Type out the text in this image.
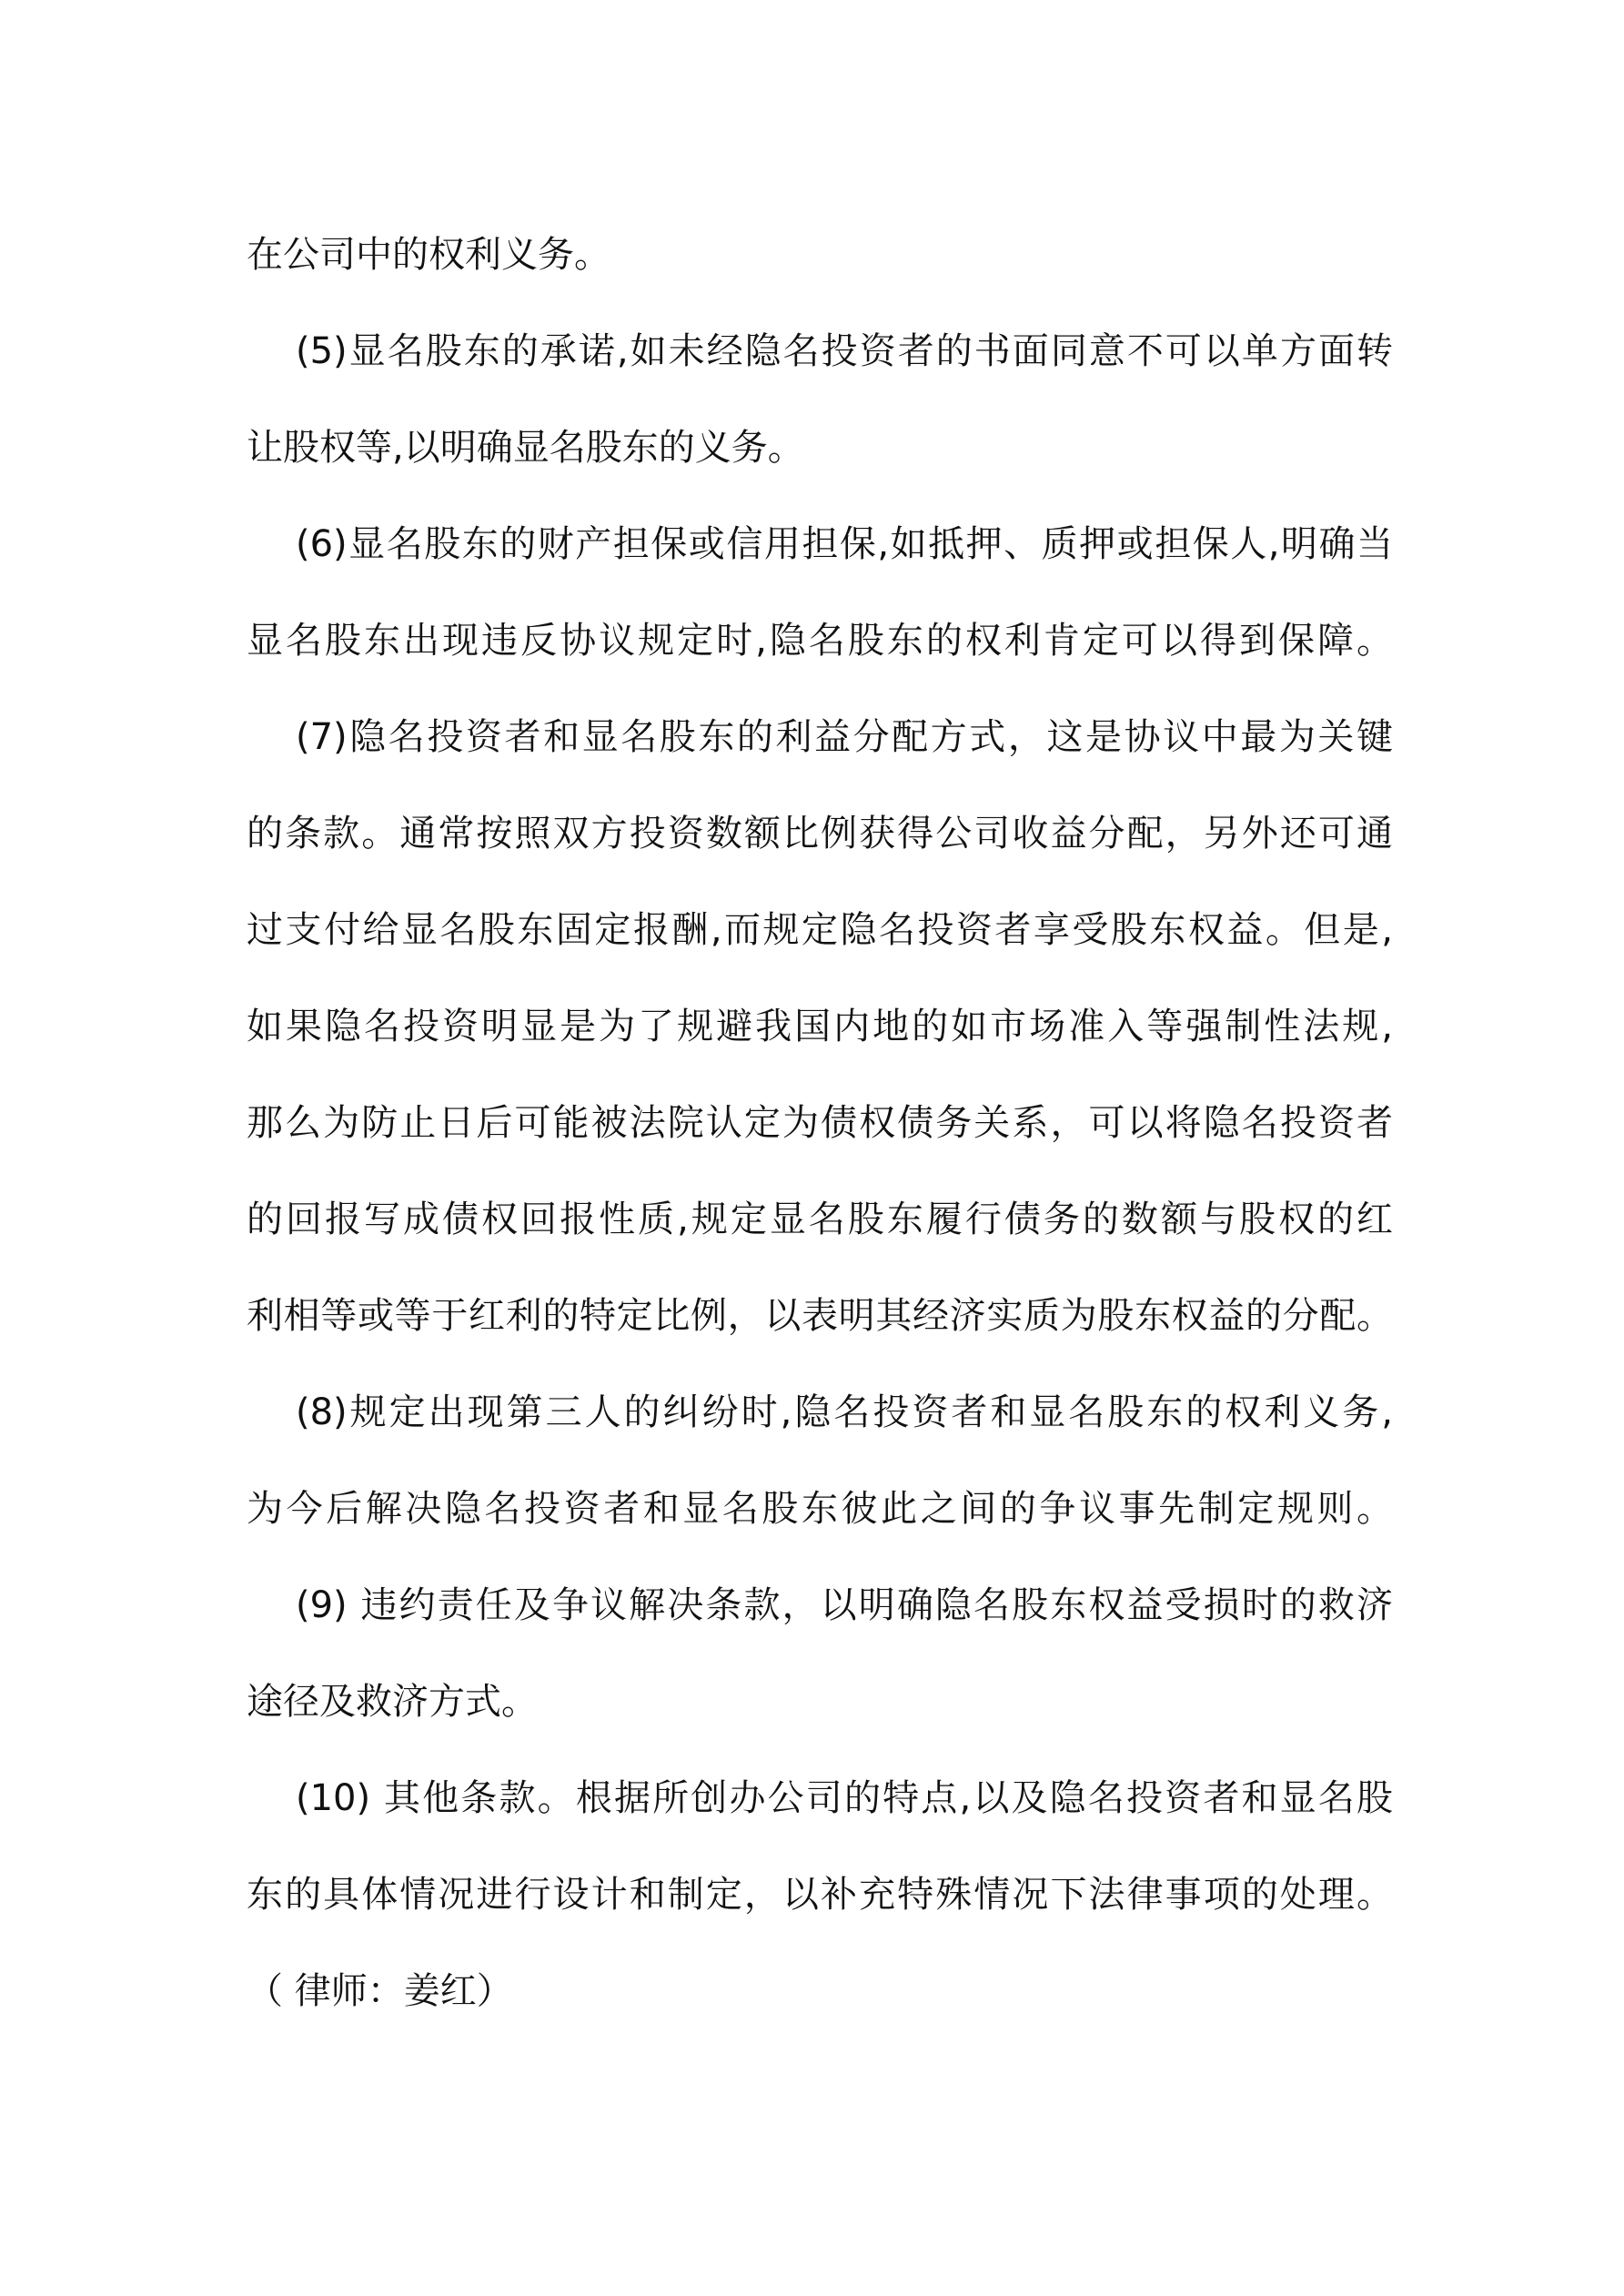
在公司中的权利义务。
(5)显名股东的承诺,如未经隐名投资者的书面同意不可以单方面转
让股权等,以明确显名股东的义务。
(6)显名股东的财产担保或信用担保,如抵押、质押或担保人,明确当
显名股东出现违反协议规定时,隐名股东的权利肯定可以得到保障。
(7)隐名投资者和显名股东的利益分配方式，这是协议中最为关键
的条款。通常按照双方投资数额比例获得公司收益分配，另外还可通
过支付给显名股东固定报酬,而规定隐名投资者享受股东权益。但是,
如果隐名投资明显是为了规避我国内地的如市场准入等强制性法规,
那么为防止日后可能被法院认定为债权债务关系，可以将隐名投资者
的回报写成债权回报性质,规定显名股东履行债务的数额与股权的红
利相等或等于红利的特定比例，以表明其经济实质为股东权益的分配。
(8)规定出现第三人的纠纷时,隐名投资者和显名股东的权利义务,
为今后解决隐名投资者和显名股东彼此之间的争议事先制定规则。
(9) 违约责任及争议解决条款，以明确隐名股东权益受损时的救济
途径及救济方式。
(10) 其他条款。根据所创办公司的特点,以及隐名投资者和显名股
东的具体情况进行设计和制定，以补充特殊情况下法律事项的处理。
（ 律师：姜红）
